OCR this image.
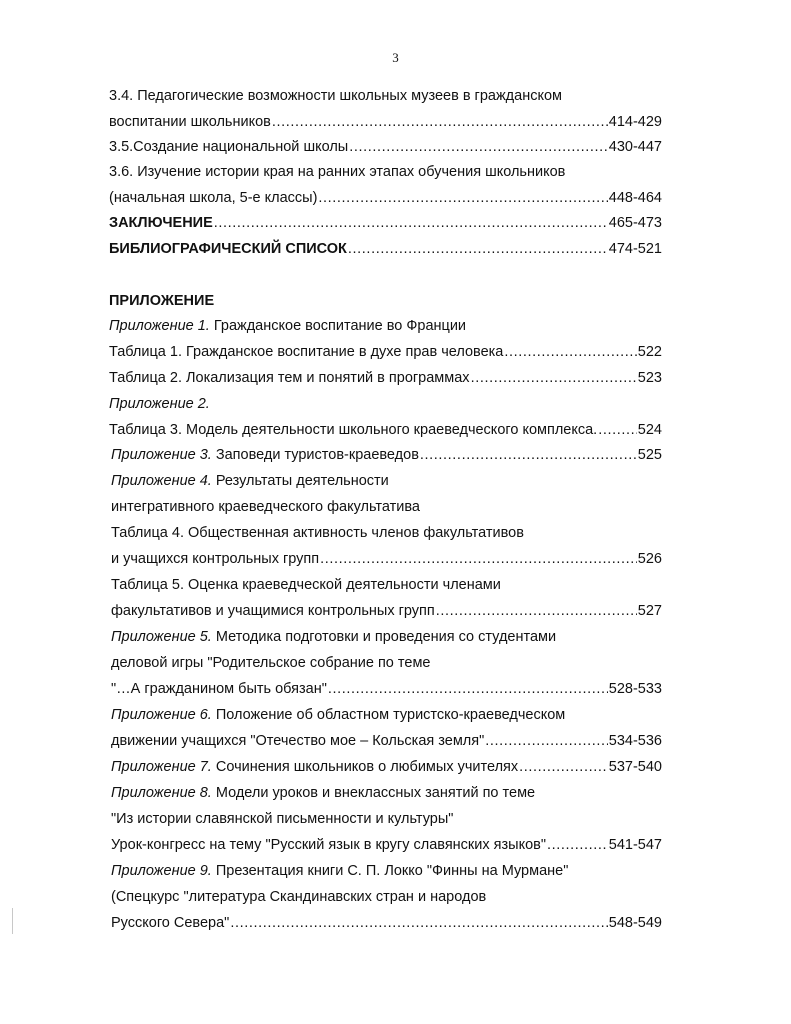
3
3.4. Педагогические возможности школьных музеев в гражданском
воспитании школьников .....	414-429
3.5.Создание национальной школы .....	430-447
3.6. Изучение истории края на ранних этапах обучения школьников
(начальная школа, 5-е классы) .....	448-464
ЗАКЛЮЧЕНИЕ .....	465-473
БИБЛИОГРАФИЧЕСКИЙ СПИСОК .....	474-521
ПРИЛОЖЕНИЕ
Приложение 1. Гражданское воспитание во Франции
Таблица 1. Гражданское воспитание в духе прав человека .....	522
Таблица 2. Локализация тем и понятий в программах .....	523
Приложение 2.
Таблица 3. Модель деятельности школьного краеведческого комплекса. .....	524
Приложение 3. Заповеди туристов-краеведов .....	525
Приложение 4. Результаты деятельности
интегративного краеведческого факультатива
Таблица 4. Общественная активность членов факультативов
и учащихся контрольных групп .....	526
Таблица 5. Оценка краеведческой деятельности членами
факультативов и учащимися контрольных групп .....	527
Приложение 5. Методика подготовки и проведения со студентами
деловой игры "Родительское собрание по теме
"…А гражданином быть обязан" .....	528-533
Приложение 6. Положение об областном туристско-краеведческом
движении учащихся "Отечество мое – Кольская земля" .....	534-536
Приложение 7. Сочинения школьников о любимых учителях .....	537-540
Приложение 8. Модели уроков и внеклассных занятий по теме
"Из истории славянской письменности и культуры"
Урок-конгресс на тему "Русский язык в кругу славянских языков" .....	541-547
Приложение 9. Презентация книги С. П. Локко "Финны на Мурмане"
(Спецкурс "литература Скандинавских стран и народов
Русского Севера" .....	548-549
